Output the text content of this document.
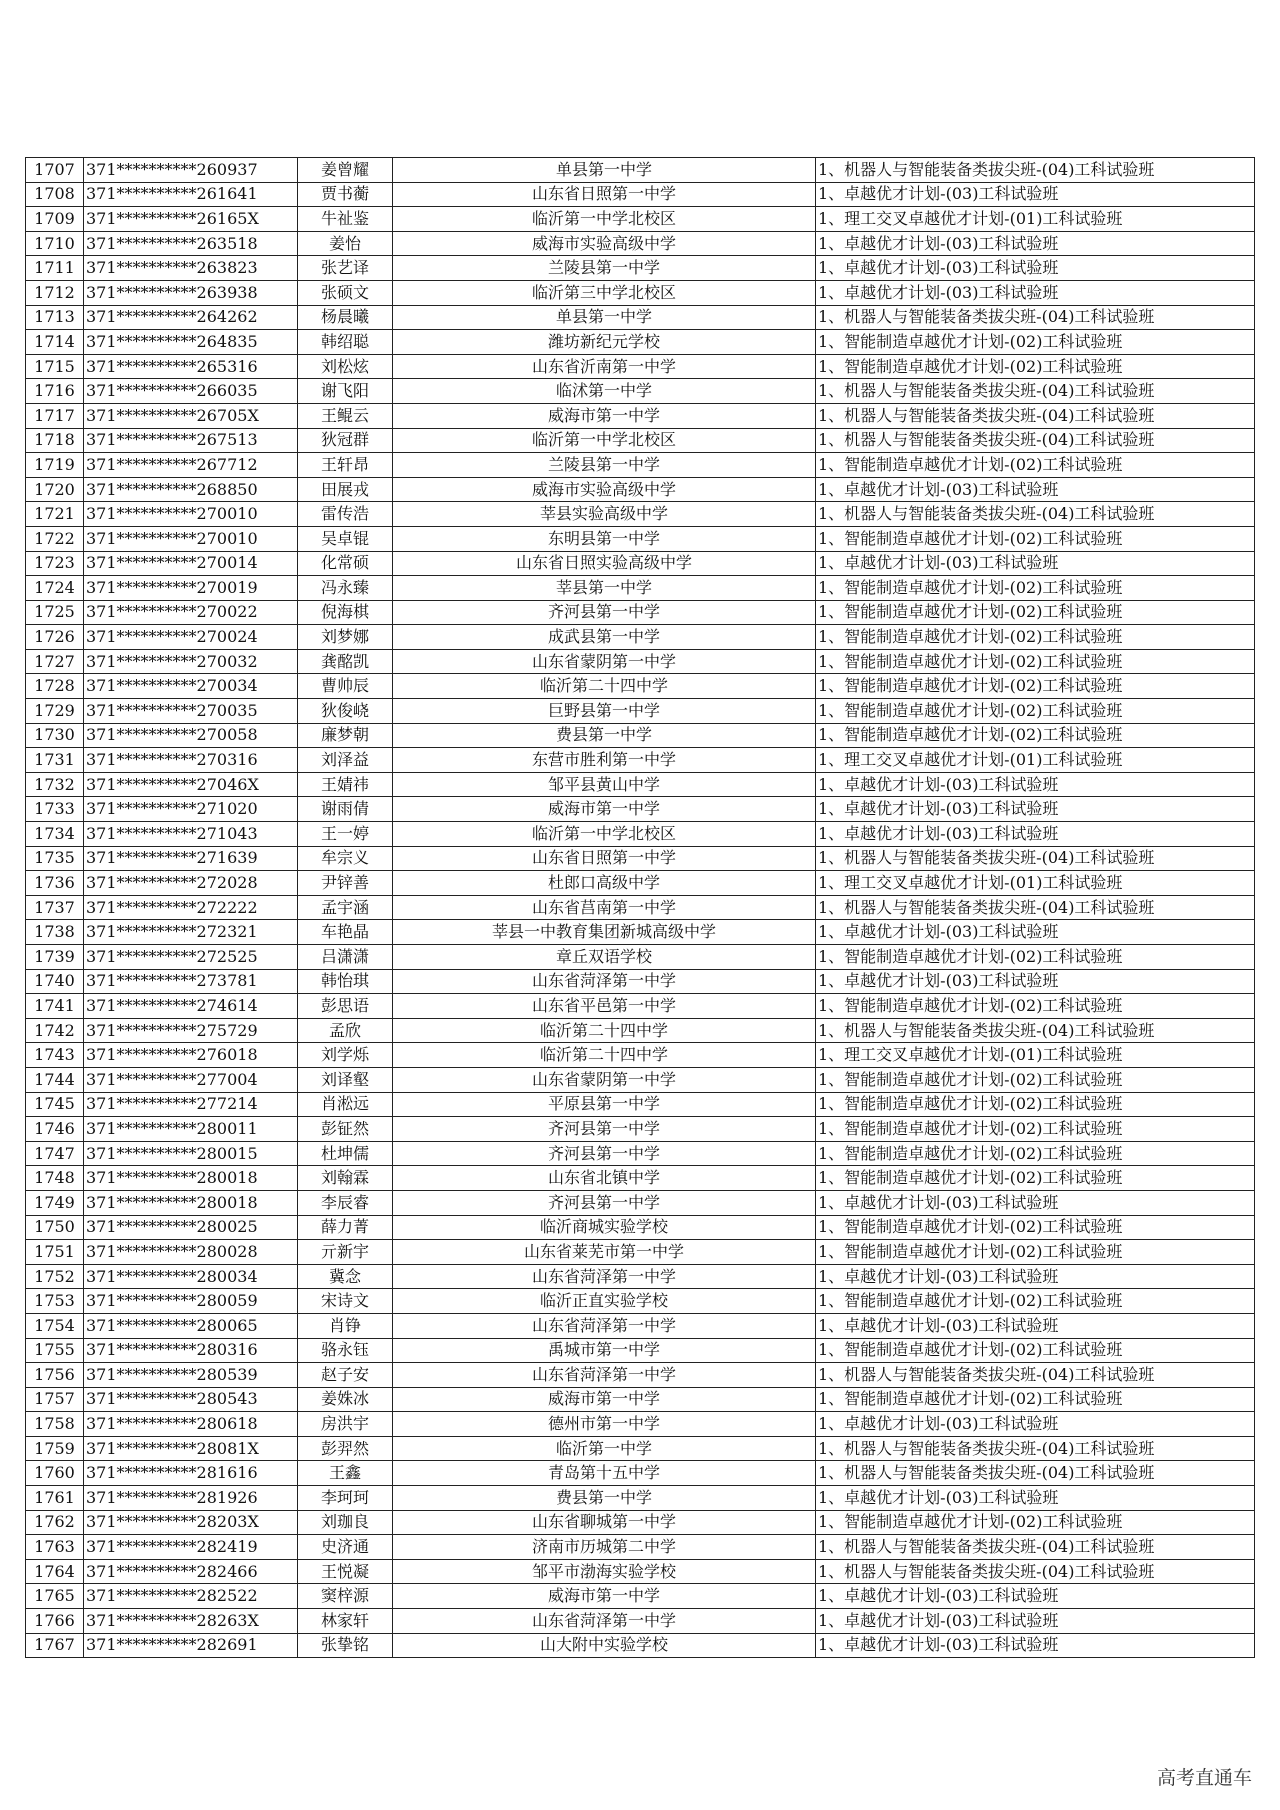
1707	371**********260937	姜曾耀	单县第一中学	1、机器人与智能装备类拔尖班-(04)工科试验班
1708	371**********261641	贾书蘅	山东省日照第一中学	1、卓越优才计划-(03)工科试验班
1709	371**********26165X	牛祉鉴	临沂第一中学北校区	1、理工交叉卓越优才计划-(01)工科试验班
1710	371**********263518	姜怡	威海市实验高级中学	1、卓越优才计划-(03)工科试验班
1711	371**********263823	张艺译	兰陵县第一中学	1、卓越优才计划-(03)工科试验班
1712	371**********263938	张硕文	临沂第三中学北校区	1、卓越优才计划-(03)工科试验班
1713	371**********264262	杨晨曦	单县第一中学	1、机器人与智能装备类拔尖班-(04)工科试验班
1714	371**********264835	韩绍聪	潍坊新纪元学校	1、智能制造卓越优才计划-(02)工科试验班
1715	371**********265316	刘松炫	山东省沂南第一中学	1、智能制造卓越优才计划-(02)工科试验班
1716	371**********266035	谢飞阳	临沭第一中学	1、机器人与智能装备类拔尖班-(04)工科试验班
1717	371**********26705X	王鲲云	威海市第一中学	1、机器人与智能装备类拔尖班-(04)工科试验班
1718	371**********267513	狄冠群	临沂第一中学北校区	1、机器人与智能装备类拔尖班-(04)工科试验班
1719	371**********267712	王轩昂	兰陵县第一中学	1、智能制造卓越优才计划-(02)工科试验班
1720	371**********268850	田展戎	威海市实验高级中学	1、卓越优才计划-(03)工科试验班
1721	371**********270010	雷传浩	莘县实验高级中学	1、机器人与智能装备类拔尖班-(04)工科试验班
1722	371**********270010	吴卓锟	东明县第一中学	1、智能制造卓越优才计划-(02)工科试验班
1723	371**********270014	化常硕	山东省日照实验高级中学	1、卓越优才计划-(03)工科试验班
1724	371**********270019	冯永臻	莘县第一中学	1、智能制造卓越优才计划-(02)工科试验班
1725	371**********270022	倪海棋	齐河县第一中学	1、智能制造卓越优才计划-(02)工科试验班
1726	371**********270024	刘梦娜	成武县第一中学	1、智能制造卓越优才计划-(02)工科试验班
1727	371**********270032	龚酩凯	山东省蒙阴第一中学	1、智能制造卓越优才计划-(02)工科试验班
1728	371**********270034	曹帅辰	临沂第二十四中学	1、智能制造卓越优才计划-(02)工科试验班
1729	371**********270035	狄俊峣	巨野县第一中学	1、智能制造卓越优才计划-(02)工科试验班
1730	371**********270058	廉梦朝	费县第一中学	1、智能制造卓越优才计划-(02)工科试验班
1731	371**********270316	刘泽益	东营市胜利第一中学	1、理工交叉卓越优才计划-(01)工科试验班
1732	371**********27046X	王婧祎	邹平县黄山中学	1、卓越优才计划-(03)工科试验班
1733	371**********271020	谢雨倩	威海市第一中学	1、卓越优才计划-(03)工科试验班
1734	371**********271043	王一婷	临沂第一中学北校区	1、卓越优才计划-(03)工科试验班
1735	371**********271639	牟宗义	山东省日照第一中学	1、机器人与智能装备类拔尖班-(04)工科试验班
1736	371**********272028	尹锌善	杜郎口高级中学	1、理工交叉卓越优才计划-(01)工科试验班
1737	371**********272222	孟宇涵	山东省莒南第一中学	1、机器人与智能装备类拔尖班-(04)工科试验班
1738	371**********272321	车艳晶	莘县一中教育集团新城高级中学	1、卓越优才计划-(03)工科试验班
1739	371**********272525	吕潇潇	章丘双语学校	1、智能制造卓越优才计划-(02)工科试验班
1740	371**********273781	韩怡琪	山东省菏泽第一中学	1、卓越优才计划-(03)工科试验班
1741	371**********274614	彭思语	山东省平邑第一中学	1、智能制造卓越优才计划-(02)工科试验班
1742	371**********275729	孟欣	临沂第二十四中学	1、机器人与智能装备类拔尖班-(04)工科试验班
1743	371**********276018	刘学烁	临沂第二十四中学	1、理工交叉卓越优才计划-(01)工科试验班
1744	371**********277004	刘译壑	山东省蒙阴第一中学	1、智能制造卓越优才计划-(02)工科试验班
1745	371**********277214	肖淞远	平原县第一中学	1、智能制造卓越优才计划-(02)工科试验班
1746	371**********280011	彭钲然	齐河县第一中学	1、智能制造卓越优才计划-(02)工科试验班
1747	371**********280015	杜坤儒	齐河县第一中学	1、智能制造卓越优才计划-(02)工科试验班
1748	371**********280018	刘翰霖	山东省北镇中学	1、智能制造卓越优才计划-(02)工科试验班
1749	371**********280018	李辰睿	齐河县第一中学	1、卓越优才计划-(03)工科试验班
1750	371**********280025	薛力菁	临沂商城实验学校	1、智能制造卓越优才计划-(02)工科试验班
1751	371**********280028	亓新宇	山东省莱芜市第一中学	1、智能制造卓越优才计划-(02)工科试验班
1752	371**********280034	冀念	山东省菏泽第一中学	1、卓越优才计划-(03)工科试验班
1753	371**********280059	宋诗文	临沂正直实验学校	1、智能制造卓越优才计划-(02)工科试验班
1754	371**********280065	肖铮	山东省菏泽第一中学	1、卓越优才计划-(03)工科试验班
1755	371**********280316	骆永钰	禹城市第一中学	1、智能制造卓越优才计划-(02)工科试验班
1756	371**********280539	赵子安	山东省菏泽第一中学	1、机器人与智能装备类拔尖班-(04)工科试验班
1757	371**********280543	姜姝冰	威海市第一中学	1、智能制造卓越优才计划-(02)工科试验班
1758	371**********280618	房洪宇	德州市第一中学	1、卓越优才计划-(03)工科试验班
1759	371**********28081X	彭羿然	临沂第一中学	1、机器人与智能装备类拔尖班-(04)工科试验班
1760	371**********281616	王鑫	青岛第十五中学	1、机器人与智能装备类拔尖班-(04)工科试验班
1761	371**********281926	李珂珂	费县第一中学	1、卓越优才计划-(03)工科试验班
1762	371**********28203X	刘珈良	山东省聊城第一中学	1、智能制造卓越优才计划-(02)工科试验班
1763	371**********282419	史济通	济南市历城第二中学	1、机器人与智能装备类拔尖班-(04)工科试验班
1764	371**********282466	王悦凝	邹平市渤海实验学校	1、机器人与智能装备类拔尖班-(04)工科试验班
1765	371**********282522	窦梓源	威海市第一中学	1、卓越优才计划-(03)工科试验班
1766	371**********28263X	林家轩	山东省菏泽第一中学	1、卓越优才计划-(03)工科试验班
1767	371**********282691	张挚铭	山大附中实验学校	1、卓越优才计划-(03)工科试验班
高考直通车
